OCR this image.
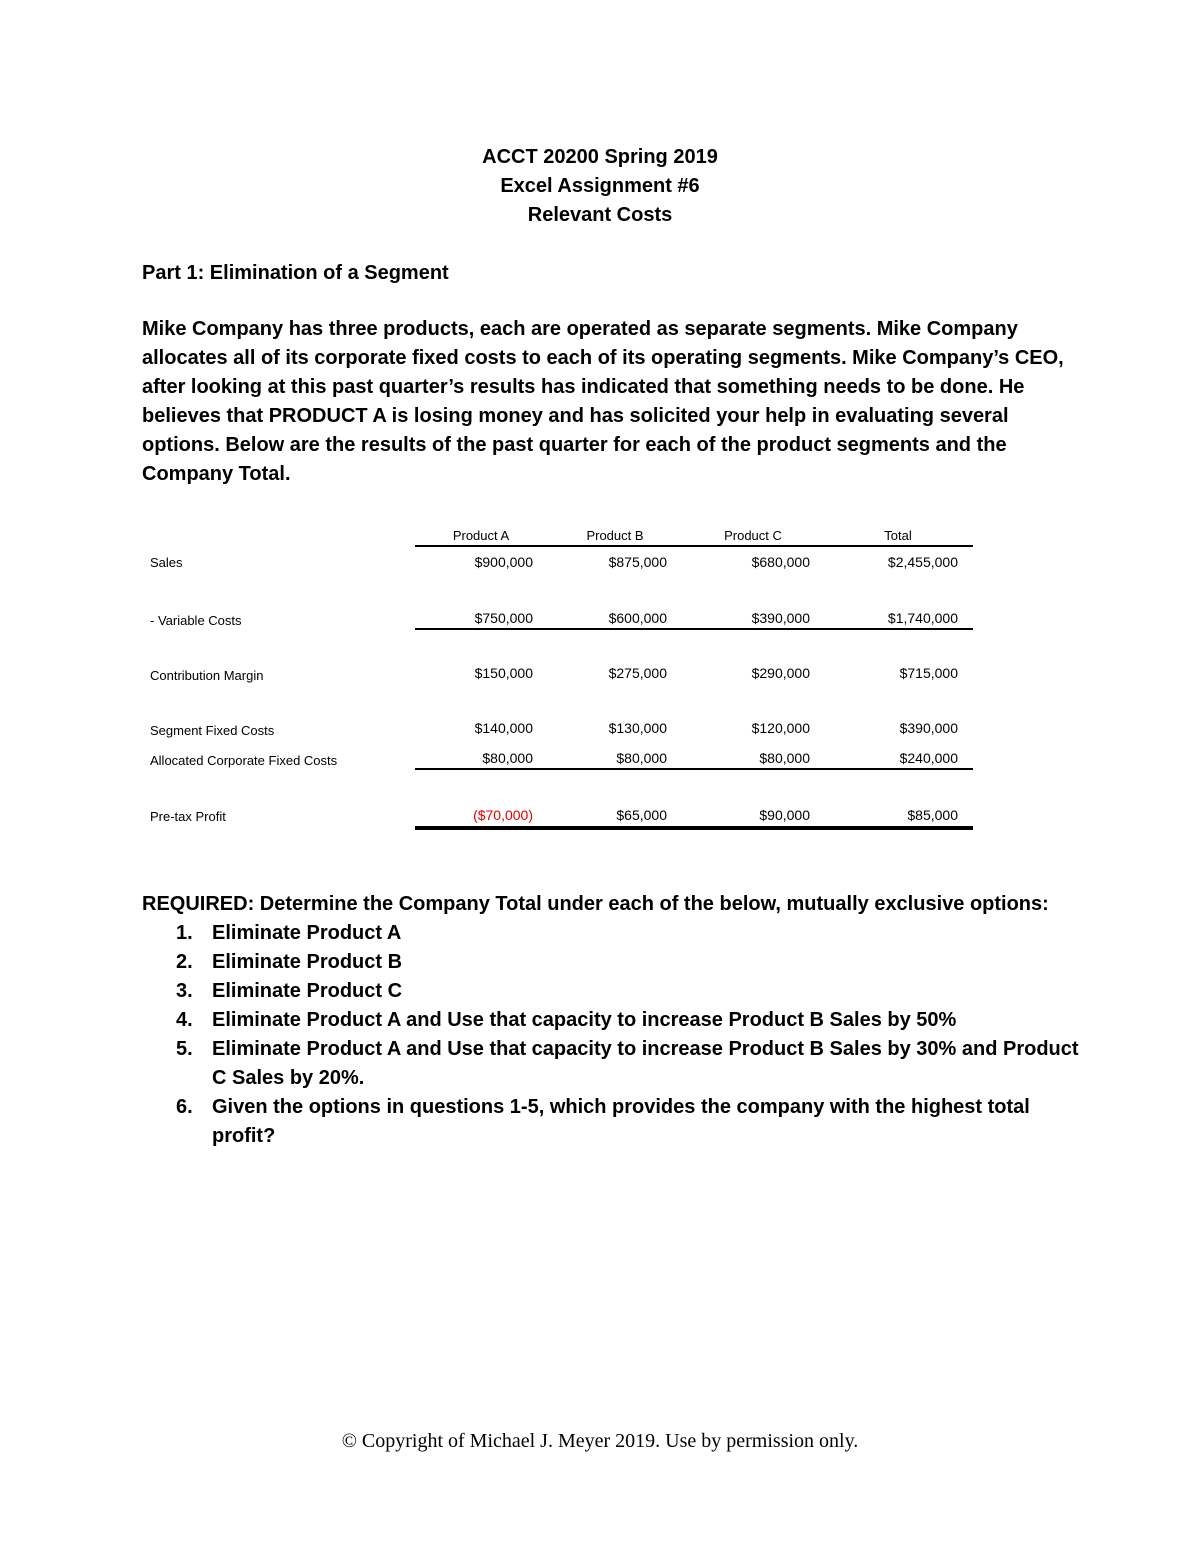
ACCT 20200 Spring 2019
Excel Assignment #6
Relevant Costs
Part 1: Elimination of a Segment
Mike Company has three products, each are operated as separate segments. Mike Company
allocates all of its corporate fixed costs to each of its operating segments. Mike Company’s CEO,
after looking at this past quarter’s results has indicated that something needs to be done. He
believes that PRODUCT A is losing money and has solicited your help in evaluating several
options. Below are the results of the past quarter for each of the product segments and the
Company Total.
Product A	Product B	Product C	Total
Sales	$900,000	$875,000	$680,000	$2,455,000
- Variable Costs	$750,000	$600,000	$390,000	$1,740,000
Contribution Margin	$150,000	$275,000	$290,000	$715,000
Segment Fixed Costs	$140,000	$130,000	$120,000	$390,000
Allocated Corporate Fixed Costs	$80,000	$80,000	$80,000	$240,000
Pre-tax Profit	($70,000)	$65,000	$90,000	$85,000
REQUIRED: Determine the Company Total under each of the below, mutually exclusive options:
1. Eliminate Product A
2. Eliminate Product B
3. Eliminate Product C
4. Eliminate Product A and Use that capacity to increase Product B Sales by 50%
5. Eliminate Product A and Use that capacity to increase Product B Sales by 30% and Product C Sales by 20%.
6. Given the options in questions 1-5, which provides the company with the highest total profit?
© Copyright of Michael J. Meyer 2019. Use by permission only.
